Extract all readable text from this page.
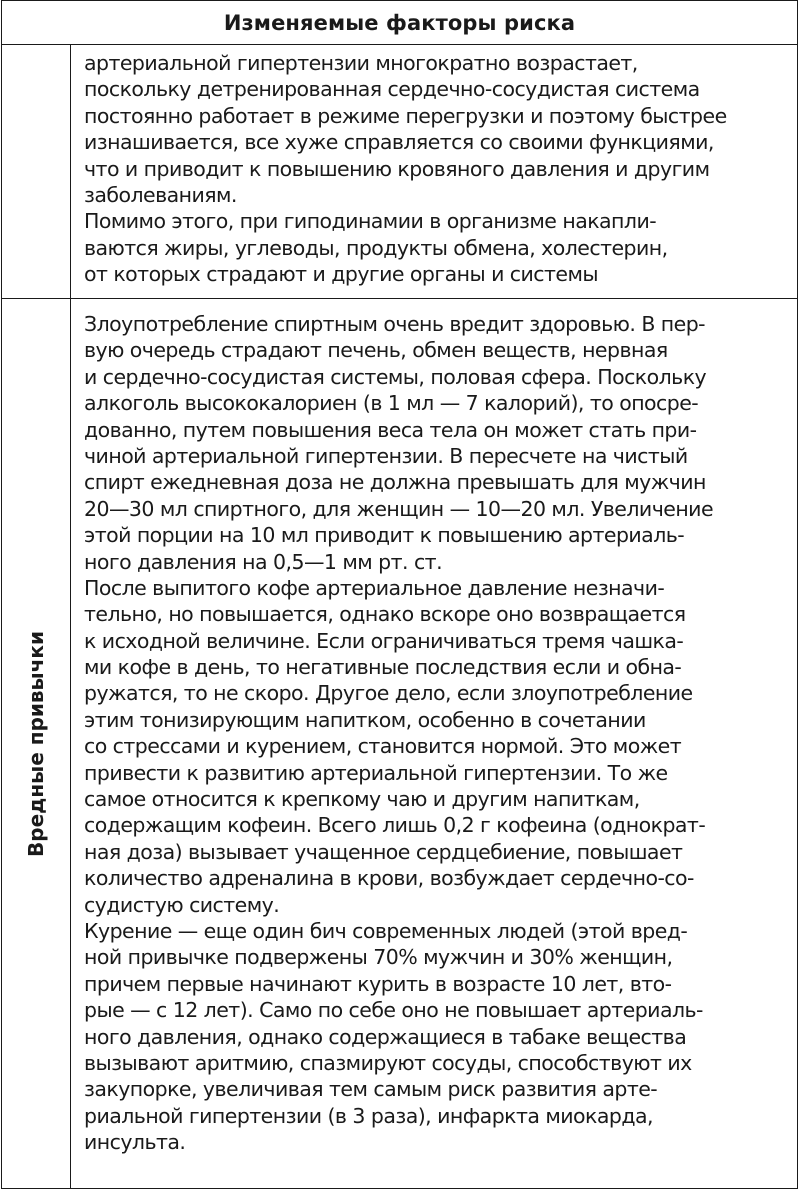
Изменяемые факторы риска
артериальной гипертензии многократно возрастает,
поскольку детренированная сердечно-сосудистая система
постоянно работает в режиме перегрузки и поэтому быстрее
изнашивается, все хуже справляется со своими функциями,
что и приводит к повышению кровяного давления и другим
заболеваниям.
Помимо этого, при гиподинамии в организме накапли-
ваются жиры, углеводы, продукты обмена, холестерин,
от которых страдают и другие органы и системы
Вредные привычки
Злоупотребление спиртным очень вредит здоровью. В пер-
вую очередь страдают печень, обмен веществ, нервная
и сердечно-сосудистая системы, половая сфера. Поскольку
алкоголь высококалориен (в 1 мл — 7 калорий), то опосре-
дованно, путем повышения веса тела он может стать при-
чиной артериальной гипертензии. В пересчете на чистый
спирт ежедневная доза не должна превышать для мужчин
20—30 мл спиртного, для женщин — 10—20 мл. Увеличение
этой порции на 10 мл приводит к повышению артериаль-
ного давления на 0,5—1 мм рт. ст.
После выпитого кофе артериальное давление незначи-
тельно, но повышается, однако вскоре оно возвращается
к исходной величине. Если ограничиваться тремя чашка-
ми кофе в день, то негативные последствия если и обна-
ружатся, то не скоро. Другое дело, если злоупотребление
этим тонизирующим напитком, особенно в сочетании
со стрессами и курением, становится нормой. Это может
привести к развитию артериальной гипертензии. То же
самое относится к крепкому чаю и другим напиткам,
содержащим кофеин. Всего лишь 0,2 г кофеина (однократ-
ная доза) вызывает учащенное сердцебиение, повышает
количество адреналина в крови, возбуждает сердечно-со-
судистую систему.
Курение — еще один бич современных людей (этой вред-
ной привычке подвержены 70% мужчин и 30% женщин,
причем первые начинают курить в возрасте 10 лет, вто-
рые — с 12 лет). Само по себе оно не повышает артериаль-
ного давления, однако содержащиеся в табаке вещества
вызывают аритмию, спазмируют сосуды, способствуют их
закупорке, увеличивая тем самым риск развития арте-
риальной гипертензии (в 3 раза), инфаркта миокарда,
инсульта.
